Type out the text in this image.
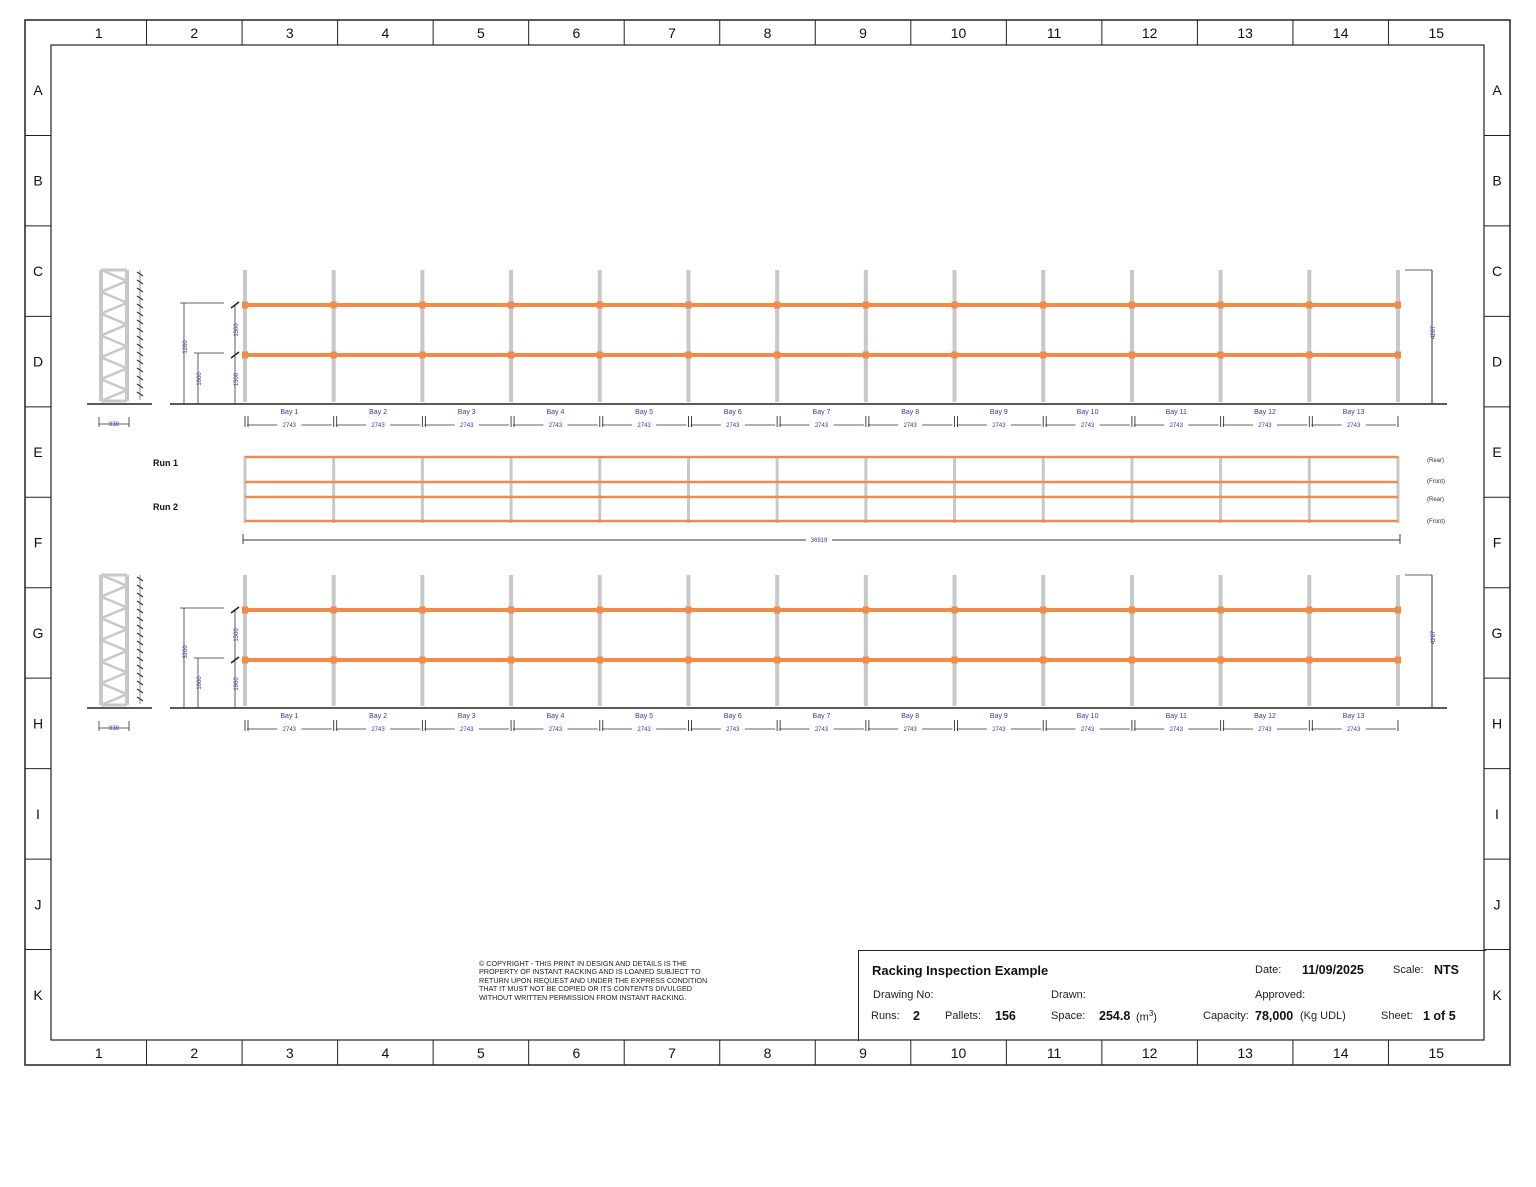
1
1
2
2
3
3
4
4
5
5
6
6
7
7
8
8
9
9
10
10
11
11
12
12
13
13
14
14
15
15
A	A
B	B
C	C
D	D
E	E
F	F
G	G
H	H
I	I
J	J
K	K
838
1200
1600
1500
1500
4267
Bay 1
2743
Bay 2
2743
Bay 3
2743
Bay 4
2743
Bay 5
2743
Bay 6
2743
Bay 7
2743
Bay 8
2743
Bay 9
2743
Bay 10
2743
Bay 11
2743
Bay 12
2743
Bay 13
2743
838
3200
1600
1500
1900
4267
Bay 1
2743
Bay 2
2743
Bay 3
2743
Bay 4
2743
Bay 5
2743
Bay 6
2743
Bay 7
2743
Bay 8
2743
Bay 9
2743
Bay 10
2743
Bay 11
2743
Bay 12
2743
Bay 13
2743
Run 1
Run 2
(Rear)
(Front)
(Rear)
(Front)
36919
© COPYRIGHT - THIS PRINT IN DESIGN AND DETAILS IS THE PROPERTY OF INSTANT RACKING AND IS LOANED SUBJECT TO RETURN UPON REQUEST AND UNDER THE EXPRESS CONDITION THAT IT MUST NOT BE COPIED OR ITS CONTENTS DIVULGED WITHOUT WRITTEN PERMISSION FROM INSTANT RACKING.
Racking Inspection Example	Date: 11/09/2025	Scale: NTS
Drawing No:	Drawn:	Approved:
Runs: 2 Pallets: 156	Space: 254.8 $(m^3)$	Capacity: 78,000 (Kg UDL)	Sheet: 1 of 5
